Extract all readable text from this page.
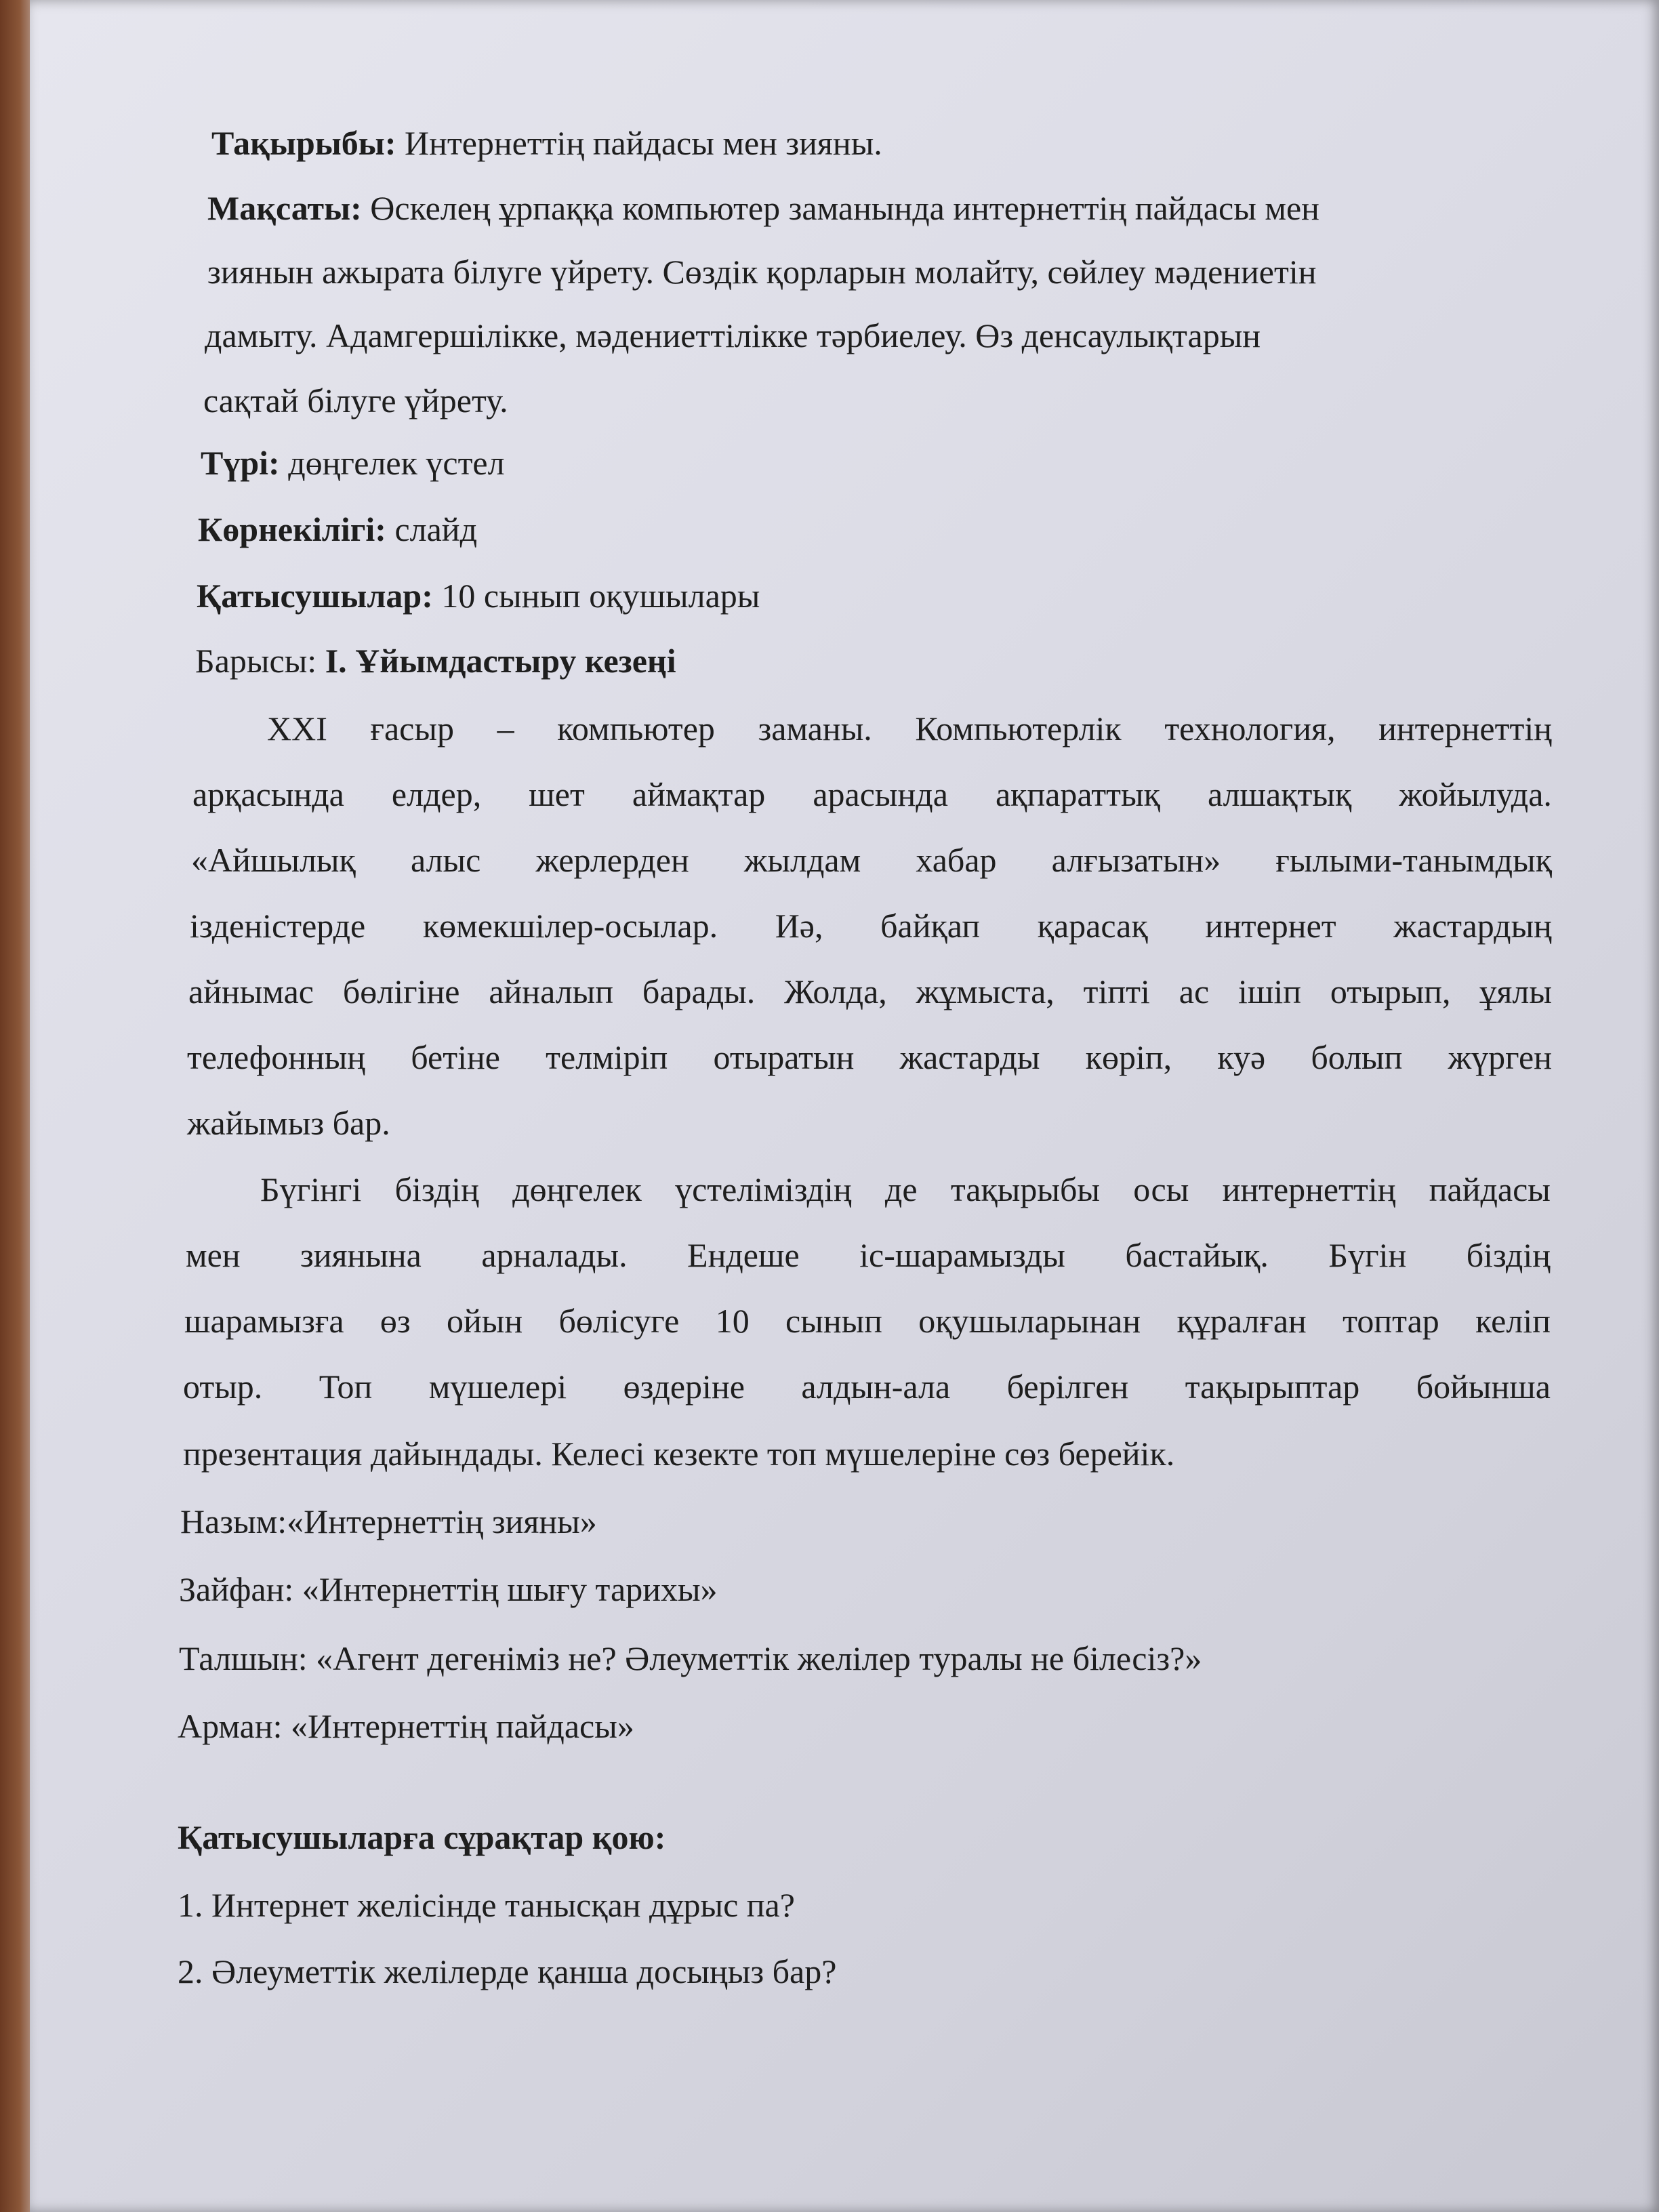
Тақырыбы: Интернеттің пайдасы мен зияны.
Мақсаты: Өскелең ұрпаққа компьютер заманында интернеттің пайдасы мен
зиянын ажырата білуге үйрету. Сөздік қорларын молайту, сөйлеу мәдениетін
дамыту. Адамгершілікке, мәдениеттілікке тәрбиелеу. Өз денсаулықтарын
сақтай білуге үйрету.
Түрі: дөңгелек үстел
Көрнекілігі: слайд
Қатысушылар: 10 сынып оқушылары
Барысы: І. Ұйымдастыру кезеңі
XXI ғасыр – компьютер заманы. Компьютерлік технология, интернеттің
арқасында елдер, шет аймақтар арасында ақпараттық алшақтық жойылуда.
«Айшылық алыс жерлерден жылдам хабар алғызатын» ғылыми-танымдық
ізденістерде көмекшілер-осылар. Иә, байқап қарасақ интернет жастардың
айнымас бөлігіне айналып барады. Жолда, жұмыста, тіпті ас ішіп отырып, ұялы
телефонның бетіне телміріп отыратын жастарды көріп, куә болып жүрген
жайымыз бар.
Бүгінгі біздің дөңгелек үстеліміздің де тақырыбы осы интернеттің пайдасы
мен зиянына арналады. Ендеше іс-шарамызды бастайық. Бүгін біздің
шарамызға өз ойын бөлісуге 10 сынып оқушыларынан құралған топтар келіп
отыр. Топ мүшелері өздеріне алдын-ала берілген тақырыптар бойынша
презентация дайындады. Келесі кезекте топ мүшелеріне сөз берейік.
Назым:«Интернеттің зияны»
Зайфан: «Интернеттің шығу тарихы»
Талшын: «Агент дегеніміз не? Әлеуметтік желілер туралы не білесіз?»
Арман: «Интернеттің пайдасы»
Қатысушыларға сұрақтар қою:
1. Интернет желісінде танысқан дұрыс па?
2. Әлеуметтік желілерде қанша досыңыз бар?
